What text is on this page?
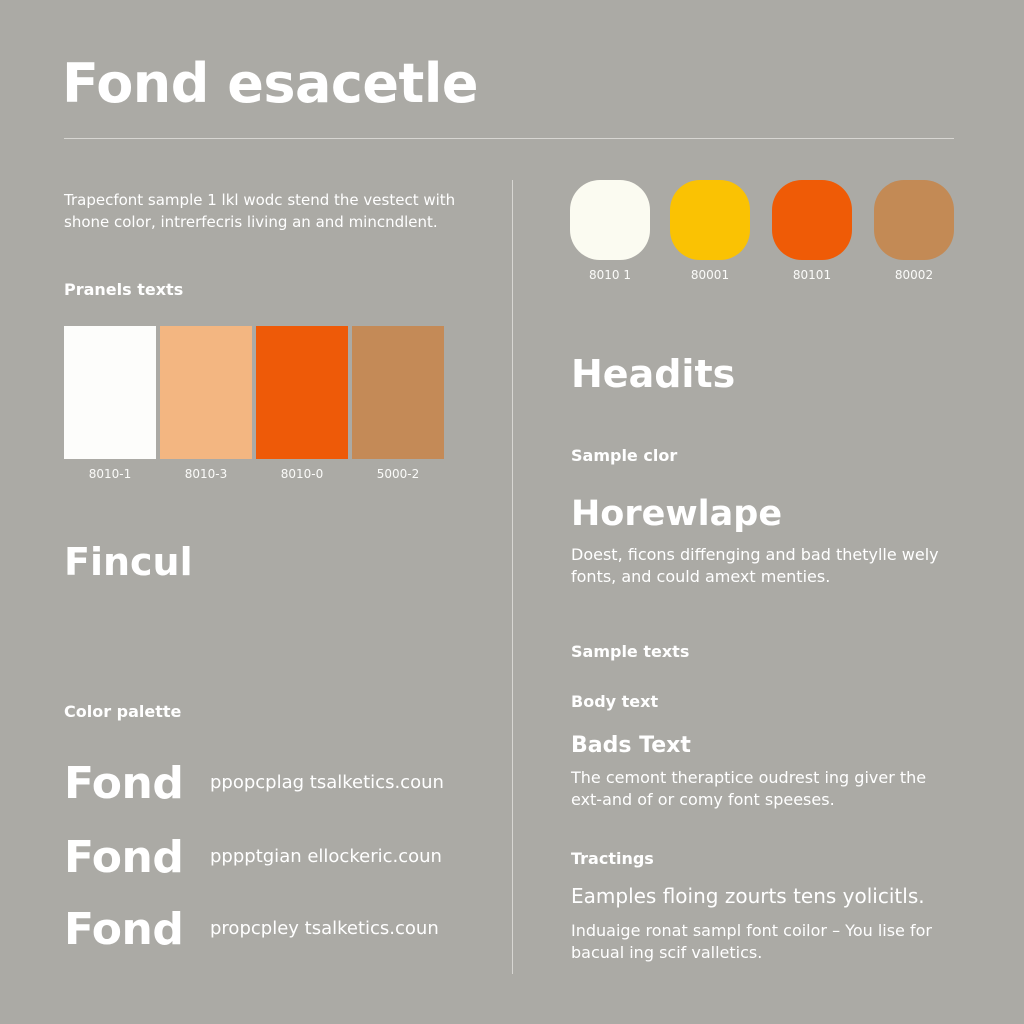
Fond esacetle
Trapecfont sample 1 lkl wodc stend the vestect with shone color, intrerfecris living an and mincndlent.
Pranels texts
8010-1	8010-3	8010-0	5000-2
Fincul
Color palette
Fond ppopcplag tsalketics.coun
Fond pppptgian ellockeric.coun
Fond propcpley tsalketics.coun
8010 1	80001	80101	80002
Headits
Sample clor
Horewlape
Doest, ficons diffenging and bad thetylle wely fonts, and could amext menties.
Sample texts
Body text
Bads Text
The cemont theraptice oudrest ing giver the ext-and of or comy font speeses.
Tractings
Eamples floing zourts tens yolicitls.
Induaige ronat sampl font coilor – You lise for bacual ing scif valletics.
